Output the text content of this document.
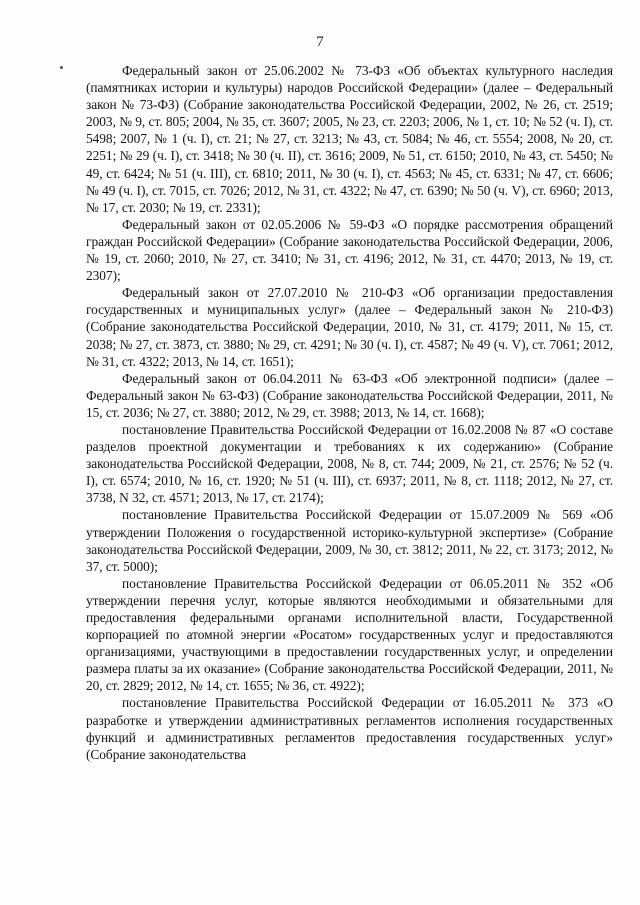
7

Федеральный закон от 25.06.2002 № 73-ФЗ «Об объектах культурного наследия (памятниках истории и культуры) народов Российской Федерации» (далее – Федеральный закон № 73-ФЗ) (Собрание законодательства Российской Федерации, 2002, № 26, ст. 2519; 2003, № 9, ст. 805; 2004, № 35, ст. 3607; 2005, № 23, ст. 2203; 2006, № 1, ст. 10; № 52 (ч. I), ст. 5498; 2007, № 1 (ч. I), ст. 21; № 27, ст. 3213; № 43, ст. 5084; № 46, ст. 5554; 2008, № 20, ст. 2251; № 29 (ч. I), ст. 3418; № 30 (ч. II), ст. 3616; 2009, № 51, ст. 6150; 2010, № 43, ст. 5450; № 49, ст. 6424; № 51 (ч. III), ст. 6810; 2011, № 30 (ч. I), ст. 4563; № 45, ст. 6331; № 47, ст. 6606; № 49 (ч. I), ст. 7015, ст. 7026; 2012, № 31, ст. 4322; № 47, ст. 6390; № 50 (ч. V), ст. 6960; 2013, № 17, ст. 2030; № 19, ст. 2331);

Федеральный закон от 02.05.2006 № 59-ФЗ «О порядке рассмотрения обращений граждан Российской Федерации» (Собрание законодательства Российской Федерации, 2006, № 19, ст. 2060; 2010, № 27, ст. 3410; № 31, ст. 4196; 2012, № 31, ст. 4470; 2013, № 19, ст. 2307);

Федеральный закон от 27.07.2010 № 210-ФЗ «Об организации предоставления государственных и муниципальных услуг» (далее – Федеральный закон № 210-ФЗ) (Собрание законодательства Российской Федерации, 2010, № 31, ст. 4179; 2011, № 15, ст. 2038; № 27, ст. 3873, ст. 3880; № 29, ст. 4291; № 30 (ч. I), ст. 4587; № 49 (ч. V), ст. 7061; 2012, № 31, ст. 4322; 2013, № 14, ст. 1651);

Федеральный закон от 06.04.2011 № 63-ФЗ «Об электронной подписи» (далее – Федеральный закон № 63-ФЗ) (Собрание законодательства Российской Федерации, 2011, № 15, ст. 2036; № 27, ст. 3880; 2012, № 29, ст. 3988; 2013, № 14, ст. 1668);

постановление Правительства Российской Федерации от 16.02.2008 № 87 «О составе разделов проектной документации и требованиях к их содержанию» (Собрание законодательства Российской Федерации, 2008, № 8, ст. 744; 2009, № 21, ст. 2576; № 52 (ч. I), ст. 6574; 2010, № 16, ст. 1920; № 51 (ч. III), ст. 6937; 2011, № 8, ст. 1118; 2012, № 27, ст. 3738, N 32, ст. 4571; 2013, № 17, ст. 2174);

постановление Правительства Российской Федерации от 15.07.2009 № 569 «Об утверждении Положения о государственной историко-культурной экспертизе» (Собрание законодательства Российской Федерации, 2009, № 30, ст. 3812; 2011, № 22, ст. 3173; 2012, № 37, ст. 5000);

постановление Правительства Российской Федерации от 06.05.2011 № 352 «Об утверждении перечня услуг, которые являются необходимыми и обязательными для предоставления федеральными органами исполнительной власти, Государственной корпорацией по атомной энергии «Росатом» государственных услуг и предоставляются организациями, участвующими в предоставлении государственных услуг, и определении размера платы за их оказание» (Собрание законодательства Российской Федерации, 2011, № 20, ст. 2829; 2012, № 14, ст. 1655; № 36, ст. 4922);

постановление Правительства Российской Федерации от 16.05.2011 № 373 «О разработке и утверждении административных регламентов исполнения государственных функций и административных регламентов предоставления государственных услуг» (Собрание законодательства
